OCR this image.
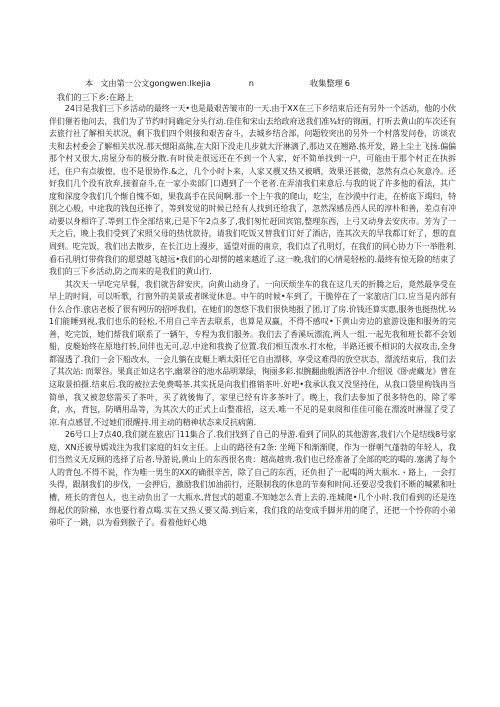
本 文由第一公文gongwen.lkejia	n	收集整理 6
我们的三下乡:在路上

24日是我们三下乡活动的最终一天•也是最艰苦皱市的一天.由于XX在三下乡结束后还有另外一个活动，他的小伙伴们催若他问去，我们为了节约时间确定分头行动.佳佳和宋山去给政府送我们准¾好的锦画，打听去黄山的车次还有去旅行社了解相关状况，剩下我们四个则接和艰苦奋斗，去城乡结合部，问题较突出的另外一个村落发问卷，访谈农夫和去村委会了解相关状况.那天愢阳高熊,在大阳下没走几步就大汗淋漓了,那边又在翘路.拣开发，路上尘土飞扬.偏偏那个村又很大,房屋分布的极分散.有时侯走很远还在不到一个人家，好不简单找到一户，可能由于那个村正在执拆迁，住户有点敏惶，也不是很协作.&之，几个小时卜来，人家又靓又热又被晒，效果还甚微，忽然有点心灰意冷。还好我们几个没有放弃,接着奋斗,在一家小卖部门口遇到了一个老者.在弄清我们来意后.与我的说了许多他的看法，其广度和深度令我们几个惭自愧不如，果我高手在民间啊.那一个上午我的爬山，吃尘，在沙漠中行走，在桥底下竭归，特别之心般，中途我的钱包还捧了，等到发觉的时候已经有人找到还给我了，忽然深感岳西人民的淳朴和善，差点有冲动要以身相许了.等到工作全部结束,已是下午2点多了,我们匆忙赶回宾馆,整理东西，上弓又动身去安庆市。芳为了一天之后，晚上我们受到了宋照父母的热忧款待，请我们吃饭又替我们订好了酒店，连其次天的早我都订好了，想的直周到。吃完饭，我们出去散步，在长江边上漫步，遥望对面的南京，我们点了孔明灯，在我们的同心协力下一举胜利.看石孔明灯带荷我们的愿望越飞越远•我们的心却愣的越来越近了.这一晚,我们的心情是轻松的.最终有惊无险的结束了我们的三下乡活动,防之而来的是我们的黄山行.

其次天一早吃完早餐，我们就告辞安庆，向黄山动身了。一向厌烦坐车的我在这几天的折腾之后，竟然最享受在早上的时间，可以听歌，行窗外的美景或者眯觉休息。中午的时候•车到了，干脆停在了一家旅店门口.应当是内部有什么合作.旅店老板了很有网历的招呼我们，在她们的怱悠下我们很快地报了团,订了房.价钱还算实惠,服务也挺热忧.½1们能睡到视,我们也乐的轻松,不用自己辛苦去联系，也算是双赢，不得不感叹•下黄山旁边的旅游设施和服务的完善，吃完饭，她们帮我们联系了一辆午，专程为我们服务。我们去了香溪玩漂流,两人一组.一起先我和班长都不会划船，皮艇始终在原地打转,同伴也无可,忍.中途和我换了位置.我们相互泼水.打水枪，半路还被不相识的大叔攻击,全身都湿透了.我们一会下船改水，一会儿躺在皮艇上晒太阳任它自由漂移，享受这难得的放空状态，漂流结束后，我们去了其次站: 而翠谷。果真正如这名字,幽翠谷的池水品明翠绿，徇丽多彩.拟腕翻曲般洒洛谷中.介绍说《卧虎藏龙》曾在这取景拍摄.结束后.我的被拉去免费喝茶.其实抚是向我们推销茶叶.好吧•我承认我又没坚持住，从我口袋里枸钱冉当简单，我又被忽悠需买了茶叶，买了就後悔了，家里已经有许多茶叶了。晚上，我们去参加了很多特色的，除了零食，水，背包，防晒用品等，为其次大的正式上山整准招，这天.唯一不足的是束阅和佳佳可能在漂流时淋湿了受了凉.有点感冒,不过她们很醒持.用主动的精神状态来反抗病菌.

26号口上7点40,我们就在旅店门11集合了.我们找到了自己的导游.看到了同队的其他游客,我们六个是结线8号家庭，XN还被导嫣戏注为我们家庭的妇女主任。上山的路径有2条: 坐绳下和渐渐爬，作为一群朝气蓬勃的年轻人，我们当然义无反顾的选择了后者.导游说,黄山上的东西很名贵：越高越贵.我们也已经准备了全部的吃的喝的.塞满了每个人的背包.不得不说，作为唯一男生的XX的确很辛苦，除了自己的东西，还负担了一起喝的两大瓶水.・路上，一会打头得，跟制我们的步伐，一会押后，激励我们加油前行，还限制我的休息的节奏和时间.还要忍受我们不断的喊累和吐槽，班长的背包人，也主动负出了一大瓶水,背包式的超重.不知她怎么背上去的.连城爬•几个小时.我们看到的还是连绵起伏的阶梯，水也要行着点喝.实在又热乂要又渴.到后来，我们我的站变成手脚并用的爬了，还把一个怜你的小弟弟吓了一跳，以为看到猴子了。看着他好心地
